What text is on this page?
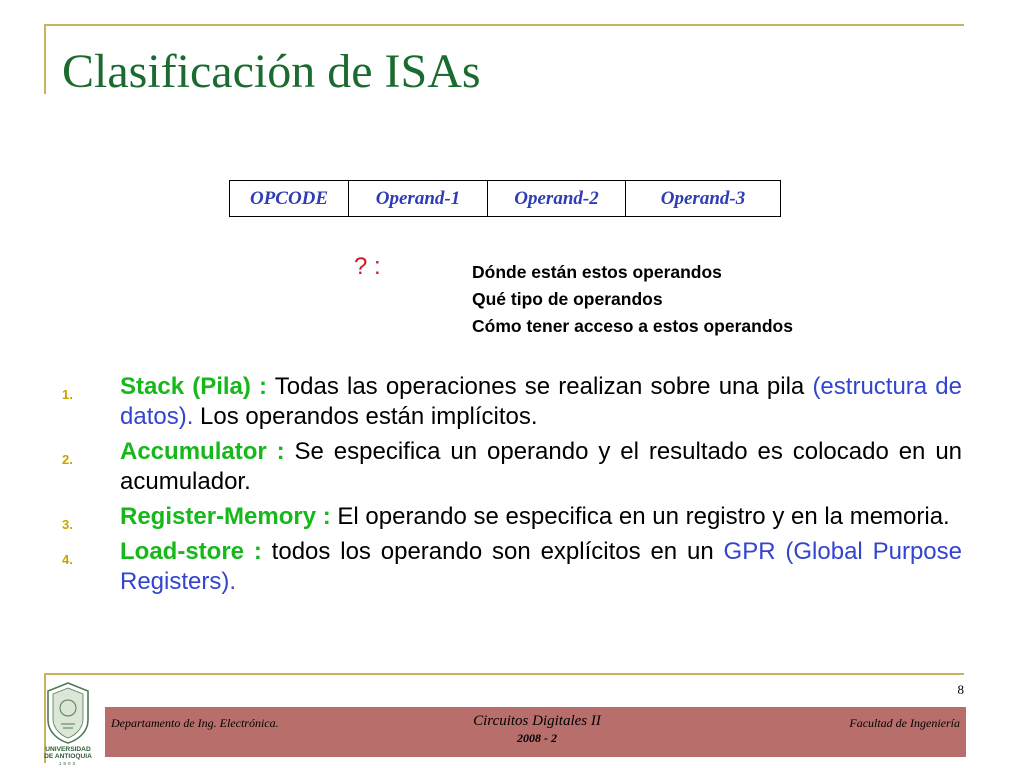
Clasificación de ISAs
OPCODE	Operand-1	Operand-2	Operand-3
? :	Dónde están estos operandos
Qué tipo de operandos
Cómo tener acceso a estos operandos
1. Stack (Pila) : Todas las operaciones se realizan sobre una pila (estructura de datos). Los operandos están implícitos.
2. Accumulator : Se especifica un operando y el resultado es colocado en un acumulador.
3. Register-Memory : El operando se especifica en un registro y en la memoria.
4. Load-store : todos los operando son explícitos en un GPR (Global Purpose Registers).
8
UNIVERSIDAD
DE ANTIOQUIA
1803
Departamento de Ing. Electrónica.	Circuitos Digitales II
2008 - 2
Facultad de Ingeniería
